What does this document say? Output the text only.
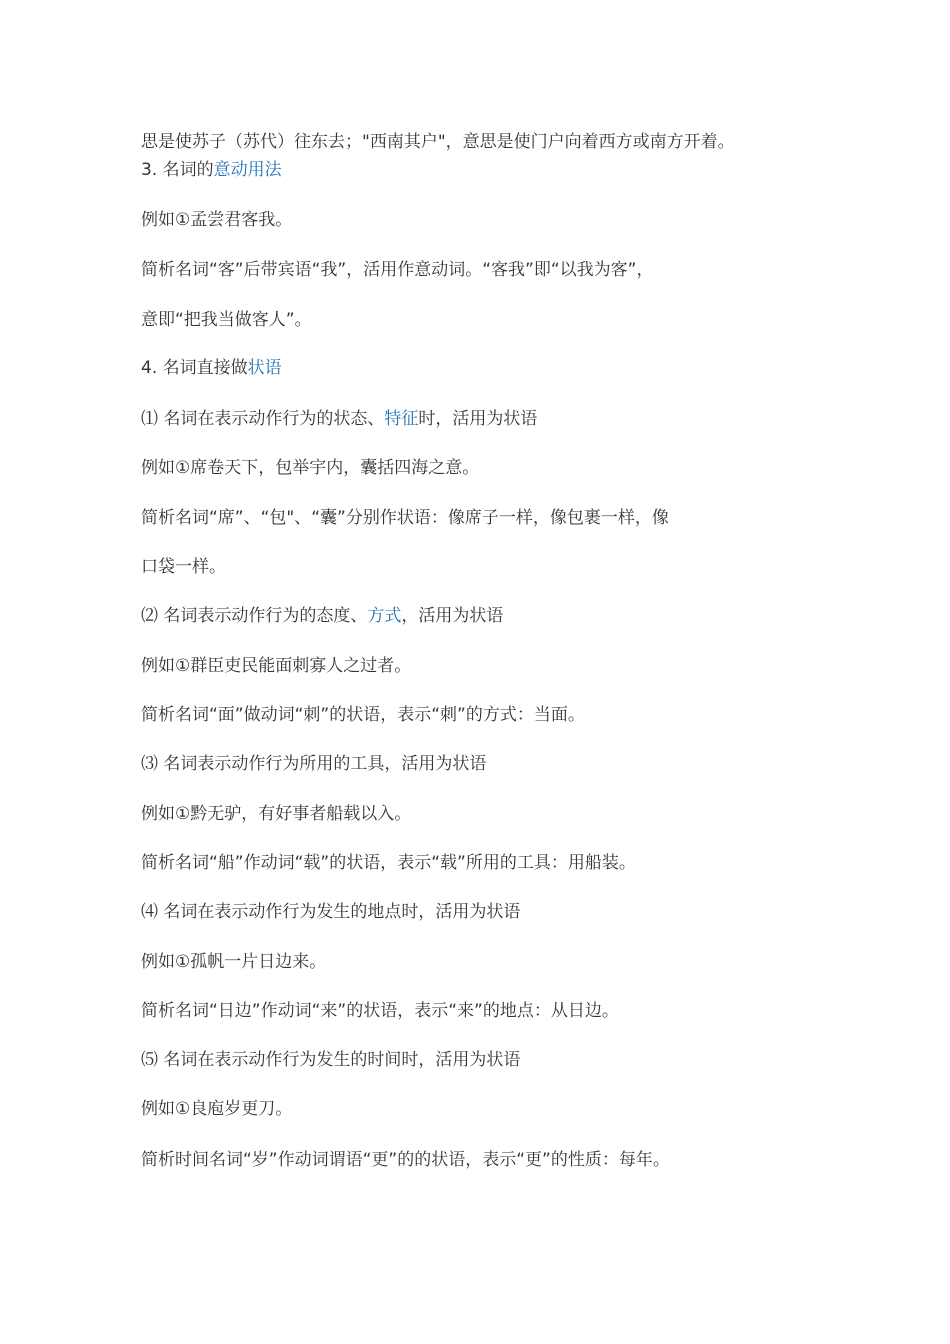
思是使苏子（苏代）往东去；"西南其户"，意思是使门户向着西方或南方开着。

3. 名词的意动用法

例如①孟尝君客我。

简析名词“客”后带宾语“我”，活用作意动词。“客我”即“以我为客”，

意即“把我当做客人”。

4. 名词直接做状语

⑴ 名词在表示动作行为的状态、特征时，活用为状语

例如①席卷天下，包举宇内，囊括四海之意。

简析名词“席”、“包"、“囊”分别作状语：像席子一样，像包裹一样，像

口袋一样。

⑵ 名词表示动作行为的态度、方式，活用为状语

例如①群臣吏民能面刺寡人之过者。

简析名词“面”做动词“刺”的状语，表示“刺”的方式：当面。

⑶ 名词表示动作行为所用的工具，活用为状语

例如①黔无驴，有好事者船载以入。

简析名词“船”作动词“载”的状语，表示“载”所用的工具：用船装。

⑷ 名词在表示动作行为发生的地点时，活用为状语

例如①孤帆一片日边来。

简析名词“日边”作动词“来”的状语，表示“来”的地点：从日边。

⑸ 名词在表示动作行为发生的时间时，活用为状语

例如①良庖岁更刀。

简析时间名词“岁”作动词谓语“更”的的状语，表示“更”的性质：每年。
